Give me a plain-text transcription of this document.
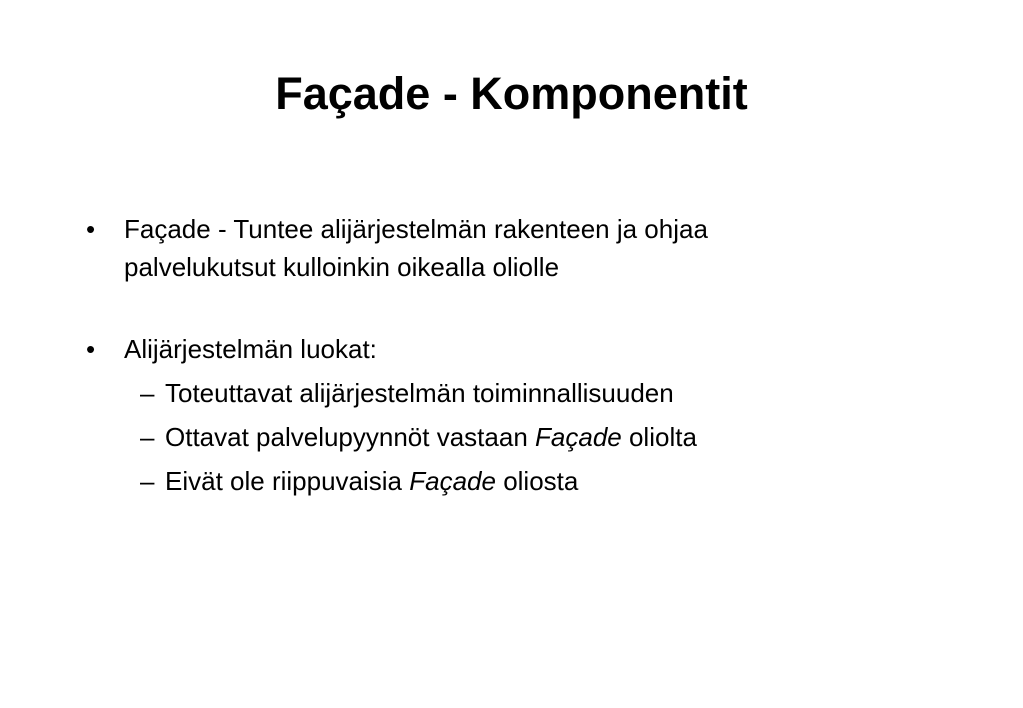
Façade - Komponentit
• Façade - Tuntee alijärjestelmän rakenteen ja ohjaa
palvelukutsut kulloinkin oikealla oliolle
• Alijärjestelmän luokat:
– Toteuttavat alijärjestelmän toiminnallisuuden
– Ottavat palvelupyynnöt vastaan Façade oliolta
– Eivät ole riippuvaisia Façade oliosta
